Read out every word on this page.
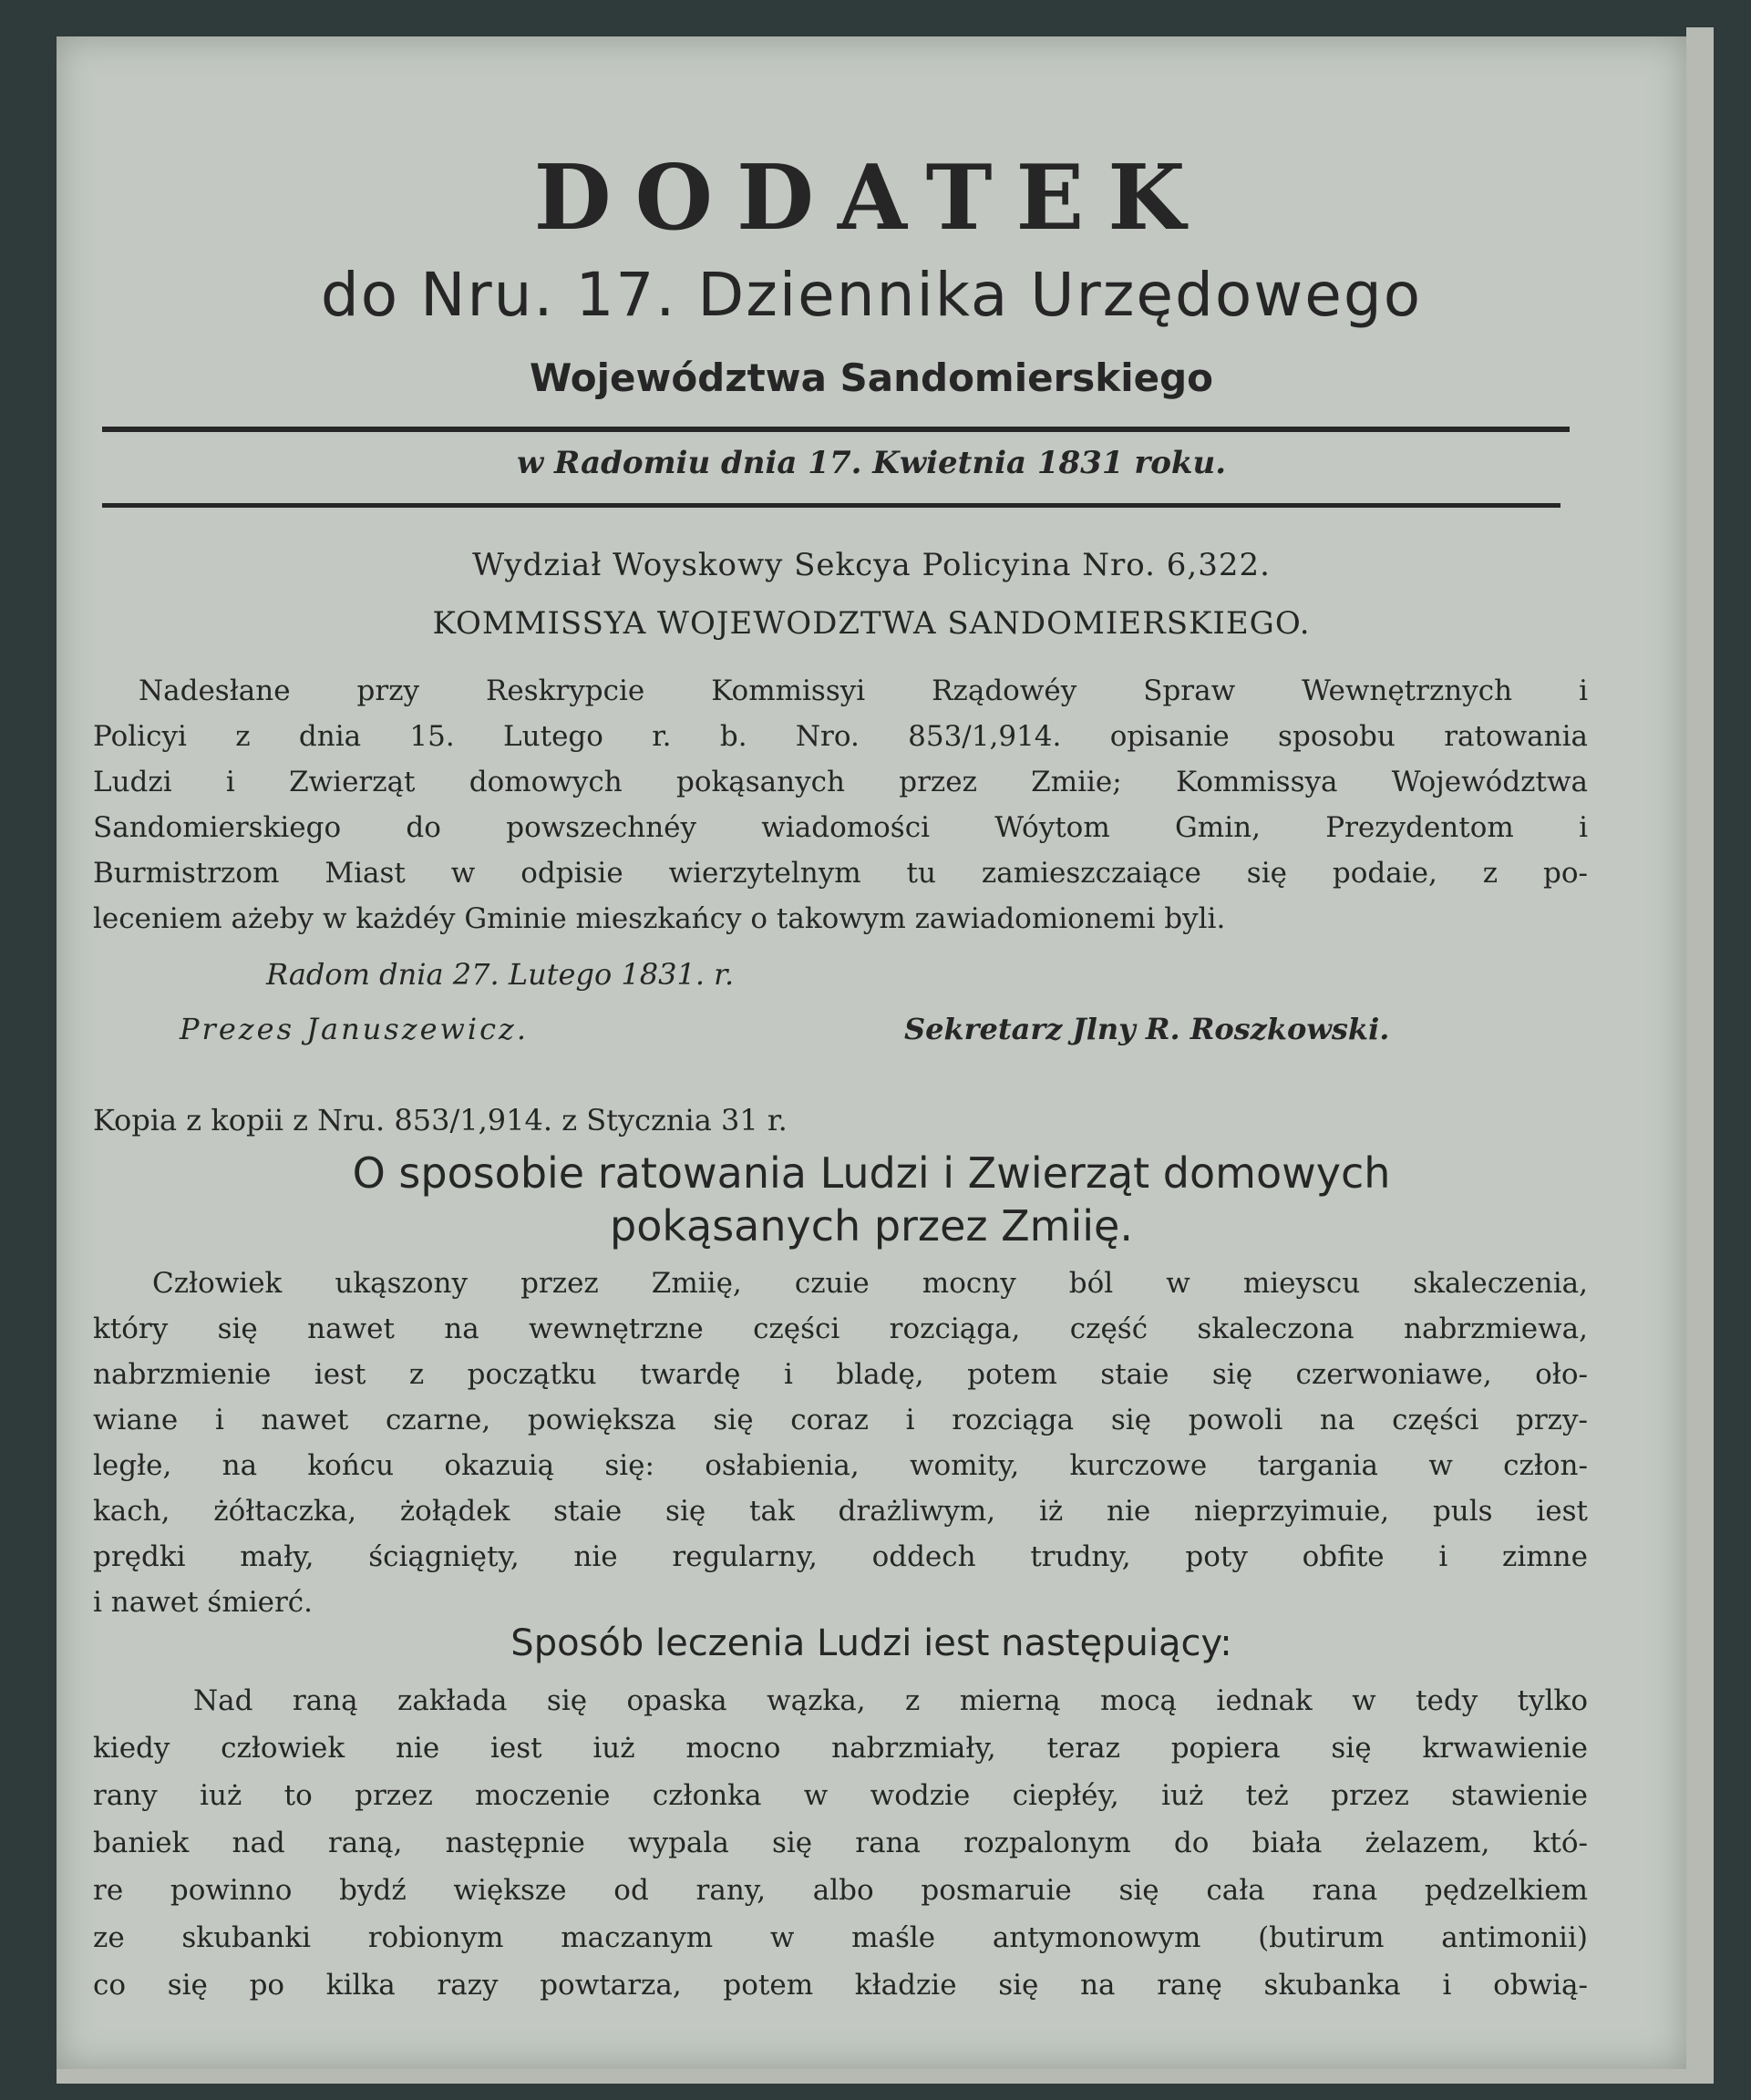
DODATEK
do Nru. 17. Dziennika Urzędowego
Województwa Sandomierskiego
w Radomiu dnia 17. Kwietnia 1831 roku.
Wydział Woyskowy Sekcya Policyina Nro. 6,322.
KOMMISSYA WOJEWODZTWA SANDOMIERSKIEGO.
Nadesłane przy Reskrypcie Kommissyi Rządowéy Spraw Wewnętrznych i
Policyi z dnia 15. Lutego r. b. Nro. 853/1,914. opisanie sposobu ratowania
Ludzi i Zwierząt domowych pokąsanych przez Zmiie; Kommissya Województwa
Sandomierskiego do powszechnéy wiadomości Wóytom Gmin, Prezydentom i
Burmistrzom Miast w odpisie wierzytelnym tu zamieszczaiące się podaie, z po-
leceniem ażeby w każdéy Gminie mieszkańcy o takowym zawiadomionemi byli.
Radom dnia 27. Lutego 1831. r.
Prezes Januszewicz.	Sekretarz Jlny R. Roszkowski.
Kopia z kopii z Nru. 853/1,914. z Stycznia 31 r.
O sposobie ratowania Ludzi i Zwierząt domowych
pokąsanych przez Zmiię.
Człowiek ukąszony przez Zmiię, czuie mocny ból w mieyscu skaleczenia,
który się nawet na wewnętrzne części rozciąga, część skaleczona nabrzmiewa,
nabrzmienie iest z początku twardę i bladę, potem staie się czerwoniawe, oło-
wiane i nawet czarne, powiększa się coraz i rozciąga się powoli na części przy-
ległe, na końcu okazuią się: osłabienia, womity, kurczowe targania w człon-
kach, żółtaczka, żołądek staie się tak drażliwym, iż nie nieprzyimuie, puls iest
prędki mały, ściągnięty, nie regularny, oddech trudny, poty obfite i zimne
i nawet śmierć.
Sposób leczenia Ludzi iest następuiący:
Nad raną zakłada się opaska wązka, z mierną mocą iednak w tedy tylko
kiedy człowiek nie iest iuż mocno nabrzmiały, teraz popiera się krwawienie
rany iuż to przez moczenie członka w wodzie ciepłéy, iuż też przez stawienie
baniek nad raną, następnie wypala się rana rozpalonym do biała żelazem, któ-
re powinno bydź większe od rany, albo posmaruie się cała rana pędzelkiem
ze skubanki robionym maczanym w maśle antymonowym (butirum antimonii)
co się po kilka razy powtarza, potem kładzie się na ranę skubanka i obwią-
